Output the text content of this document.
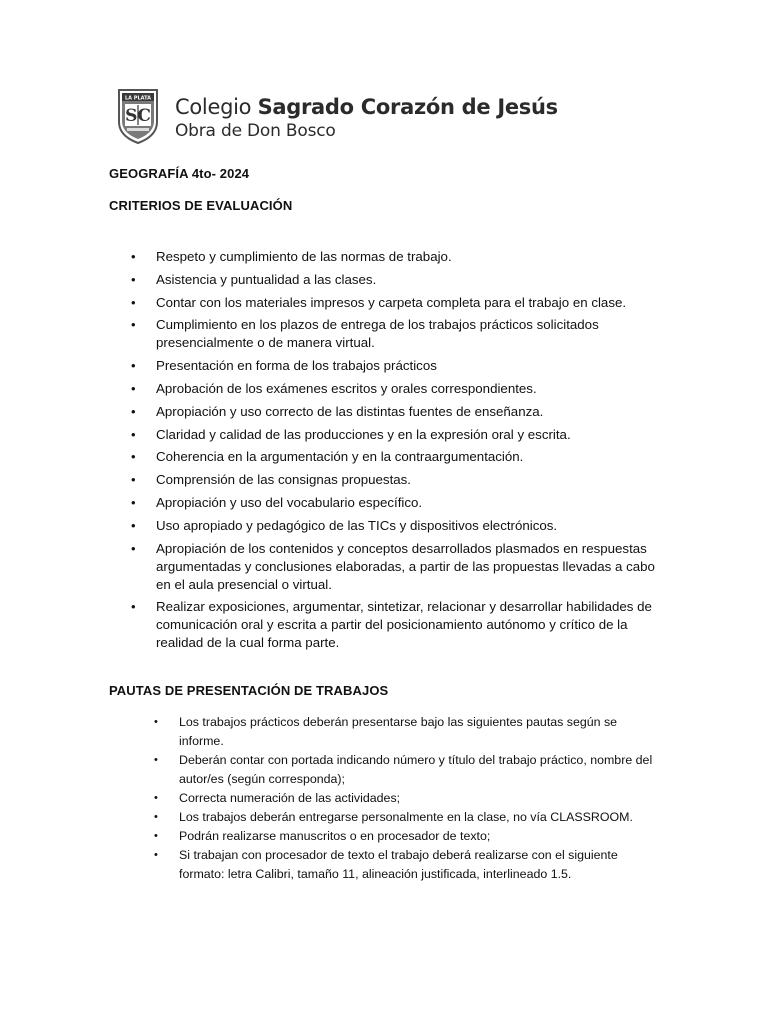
LA PLATA
SC Colegio Sagrado Corazón de Jesús
Obra de Don Bosco
GEOGRAFÍA 4to- 2024
CRITERIOS DE EVALUACIÓN
• Respeto y cumplimiento de las normas de trabajo.
• Asistencia y puntualidad a las clases.
• Contar con los materiales impresos y carpeta completa para el trabajo en clase.
• Cumplimiento en los plazos de entrega de los trabajos prácticos solicitados presencialmente o de manera virtual.
• Presentación en forma de los trabajos prácticos
• Aprobación de los exámenes escritos y orales correspondientes.
• Apropiación y uso correcto de las distintas fuentes de enseñanza.
• Claridad y calidad de las producciones y en la expresión oral y escrita.
• Coherencia en la argumentación y en la contraargumentación.
• Comprensión de las consignas propuestas.
• Apropiación y uso del vocabulario específico.
• Uso apropiado y pedagógico de las TICs y dispositivos electrónicos.
• Apropiación de los contenidos y conceptos desarrollados plasmados en respuestas argumentadas y conclusiones elaboradas, a partir de las propuestas llevadas a cabo en el aula presencial o virtual.
• Realizar exposiciones, argumentar, sintetizar, relacionar y desarrollar habilidades de comunicación oral y escrita a partir del posicionamiento autónomo y crítico de la realidad de la cual forma parte.
PAUTAS DE PRESENTACIÓN DE TRABAJOS
• Los trabajos prácticos deberán presentarse bajo las siguientes pautas según se informe.
• Deberán contar con portada indicando número y título del trabajo práctico, nombre del autor/es (según corresponda);
• Correcta numeración de las actividades;
• Los trabajos deberán entregarse personalmente en la clase, no vía CLASSROOM.
• Podrán realizarse manuscritos o en procesador de texto;
• Si trabajan con procesador de texto el trabajo deberá realizarse con el siguiente formato: letra Calibri, tamaño 11, alineación justificada, interlineado 1.5.
